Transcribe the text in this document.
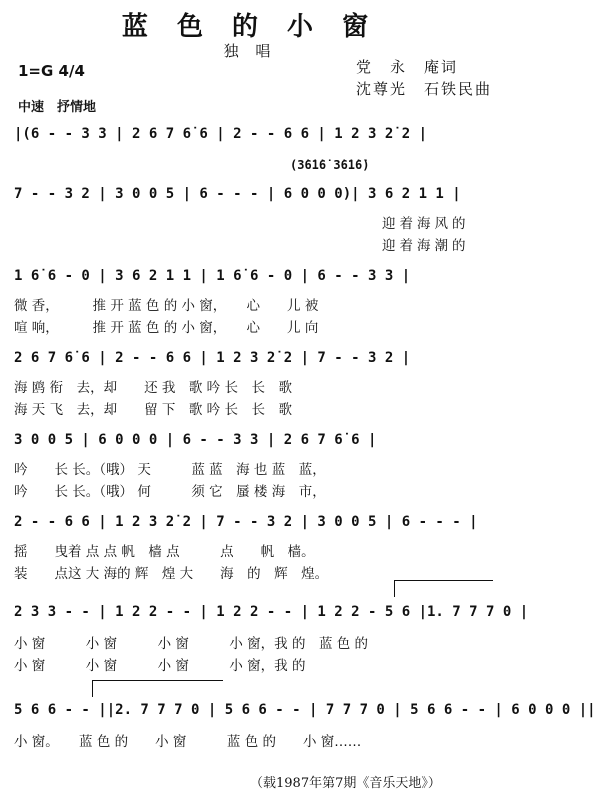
蓝 色 的 小 窗
独 唱
党　永　庵词
沈尊光　石铁民曲
1=G 4/4
中速　抒情地
|(6 - - 3 3 | 2 6 7 6̇ 6 | 2 - - 6 6 | 1 2 3 2̇ 2 |
(3̇6̇1̇6̇ 3̇6̇1̇6̇)
7 - - 3 2 | 3 0 0 5 | 6 - - - | 6 0 0 0)| 3 6 2 1 1 |
迎着海风的
迎着海潮的
1 6̇ 6 - 0 | 3 6 2 1 1 | 1 6̇ 6 - 0 | 6 - - 3 3 |
微 香，　　　推 开 蓝 色 的 小 窗，　　心　　儿 被
喧 响，　　　推 开 蓝 色 的 小 窗，　　心　　儿 向
2 6 7 6̇ 6 | 2 - - 6 6 | 1 2 3 2̇ 2 | 7 - - 3 2 |
海 鸥 衔　去，却　　还 我　歌 吟 长　长　歌
海 天 飞　去，却　　留 下　歌 吟 长　长　歌
3 0 0 5 | 6 0 0 0 | 6 - - 3 3 | 2 6 7 6̇ 6 |
吟　　长 长。（哦） 天　　　蓝 蓝　海 也 蓝　蓝，
吟　　长 长。（哦） 何　　　须 它　蜃 楼 海　市，
2 - - 6 6 | 1 2 3 2̇ 2 | 7 - - 3 2 | 3 0 0 5 | 6 - - - |
摇　　曳着 点 点 帆　樯 点　　　点　　帆　樯。
装　　点这 大 海的 辉　煌 大　　海　的　辉　煌。
2 3 3 - - | 1 2 2 - - | 1 2 2 - - | 1 2 2 - 5 6 |1. 7 7 7 0 |
小 窗　　　小 窗　　　小 窗　　　小 窗，我 的　蓝 色 的
小 窗　　　小 窗　　　小 窗　　　小 窗，我 的
5 6 6 - - ||2. 7 7 7 0 | 5 6 6 - - | 7 7 7 0 | 5 6 6 - - | 6 0 0 0 ||
小 窗。　　蓝 色 的　　小 窗　　　蓝 色 的　　小 窗……
（载1987年第7期《音乐天地》）
